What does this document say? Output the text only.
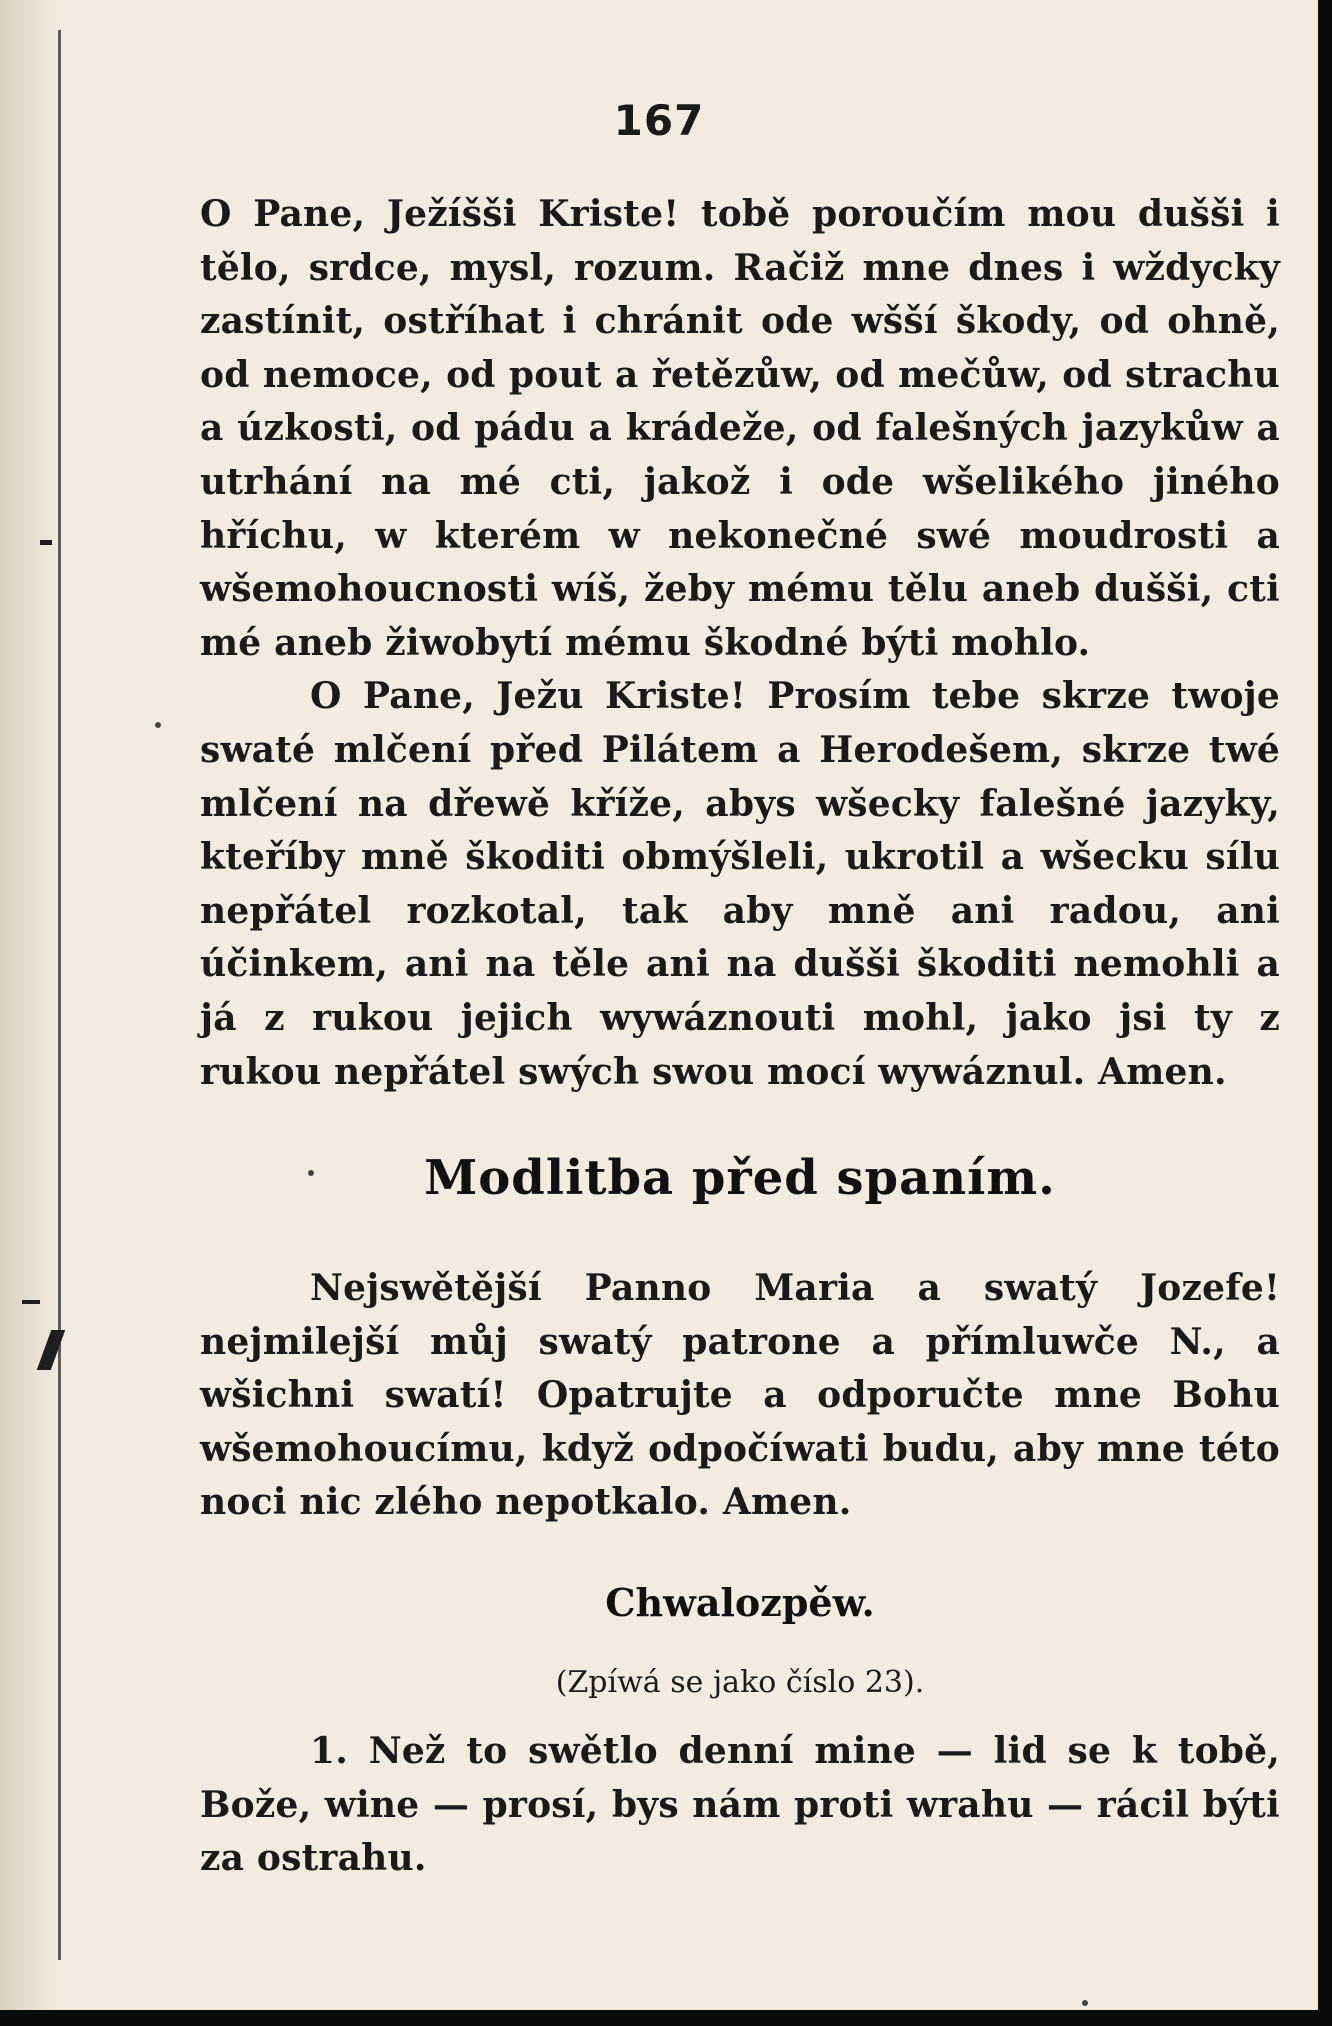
167

O Pane, Ježíšši Kriste! tobě poroučím mou dušši i tělo, srdce, mysl, rozum. Račiž mne dnes i wždycky zastínit, ostříhat i chránit ode wšší škody, od ohně, od nemoce, od pout a řetězůw, od mečůw, od strachu a úzkosti, od pádu a krádeže, od falešných jazykůw a utrhání na mé cti, jakož i ode wšelikého jiného hříchu, w kterém w nekonečné swé moudrosti a wšemohoucnosti wíš, žeby mému tělu aneb dušši, cti mé aneb žiwobytí mému škodné býti mohlo.

O Pane, Ježu Kriste! Prosím tebe skrze twoje swaté mlčení před Pilátem a Herodešem, skrze twé mlčení na dřewě kříže, abys wšecky falešné jazyky, kteříby mně škoditi obmýšleli, ukrotil a wšecku sílu nepřátel rozkotal, tak aby mně ani radou, ani účinkem, ani na těle ani na dušši škoditi nemohli a já z rukou jejich wywáznouti mohl, jako jsi ty z rukou nepřátel swých swou mocí wywáznul. Amen.

Modlitba před spaním.

Nejswětější Panno Maria a swatý Jozefe! nejmilejší můj swatý patrone a přímluwče N., a wšichni swatí! Opatrujte a odporučte mne Bohu wšemohoucímu, když odpočíwati budu, aby mne této noci nic zlého nepotkalo. Amen.

Chwalozpěw.
(Zpíwá se jako číslo 23).

1. Než to swětlo denní mine — lid se k tobě, Bože, wine — prosí, bys nám proti wrahu — rácil býti za ostrahu.
